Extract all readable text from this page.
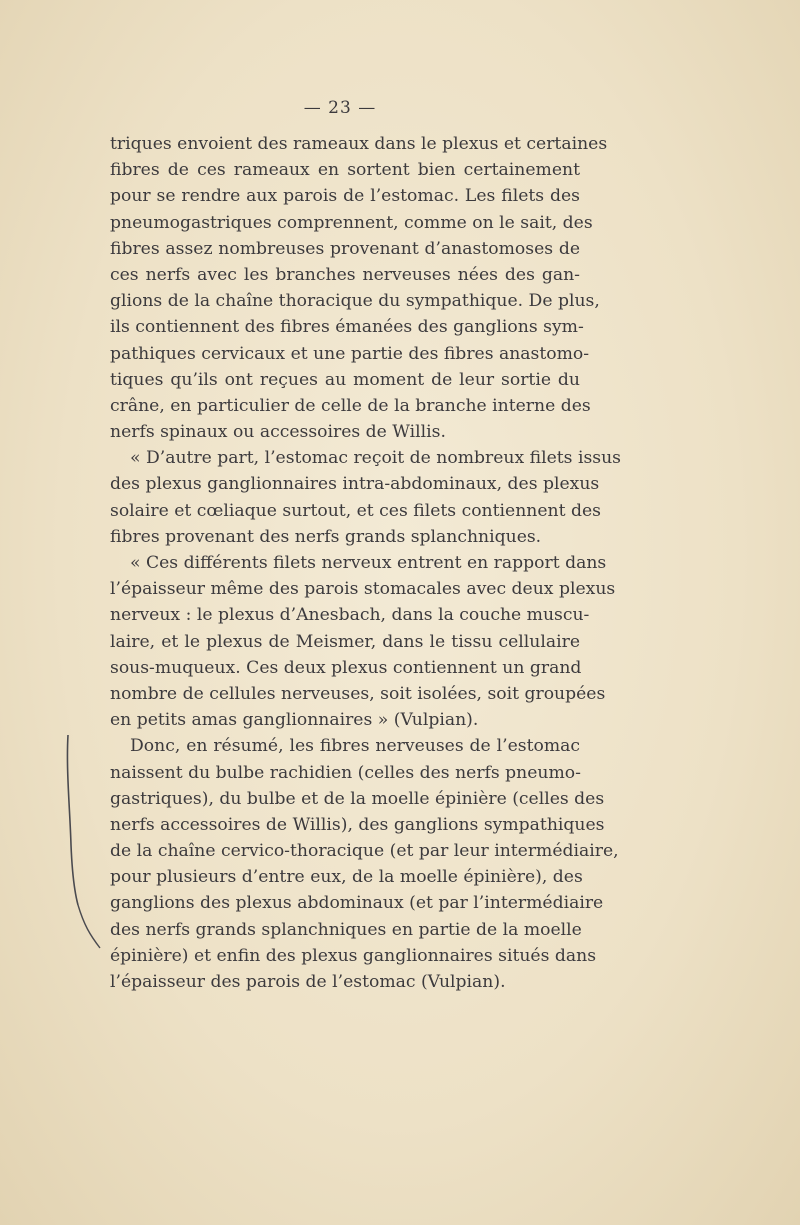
— 23 —
triques envoient des rameaux dans le plexus et certaines
fibres de ces rameaux en sortent bien certainement
pour se rendre aux parois de l’estomac. Les filets des
pneumogastriques comprennent, comme on le sait, des
fibres assez nombreuses provenant d’anastomoses de
ces nerfs avec les branches nerveuses nées des gan-
glions de la chaîne thoracique du sympathique. De plus,
ils contiennent des fibres émanées des ganglions sym-
pathiques cervicaux et une partie des fibres anastomo-
tiques qu’ils ont reçues au moment de leur sortie du
crâne, en particulier de celle de la branche interne des
nerfs spinaux ou accessoires de Willis.
« D’autre part, l’estomac reçoit de nombreux filets issus
des plexus ganglionnaires intra-abdominaux, des plexus
solaire et cœliaque surtout, et ces filets contiennent des
fibres provenant des nerfs grands splanchniques.
« Ces différents filets nerveux entrent en rapport dans
l’épaisseur même des parois stomacales avec deux plexus
nerveux : le plexus d’Anesbach, dans la couche muscu-
laire, et le plexus de Meismer, dans le tissu cellulaire
sous-muqueux. Ces deux plexus contiennent un grand
nombre de cellules nerveuses, soit isolées, soit groupées
en petits amas ganglionnaires » (Vulpian).
Donc, en résumé, les fibres nerveuses de l’estomac
naissent du bulbe rachidien (celles des nerfs pneumo-
gastriques), du bulbe et de la moelle épinière (celles des
nerfs accessoires de Willis), des ganglions sympathiques
de la chaîne cervico-thoracique (et par leur intermédiaire,
pour plusieurs d’entre eux, de la moelle épinière), des
ganglions des plexus abdominaux (et par l’intermédiaire
des nerfs grands splanchniques en partie de la moelle
épinière) et enfin des plexus ganglionnaires situés dans
l’épaisseur des parois de l’estomac (Vulpian).
